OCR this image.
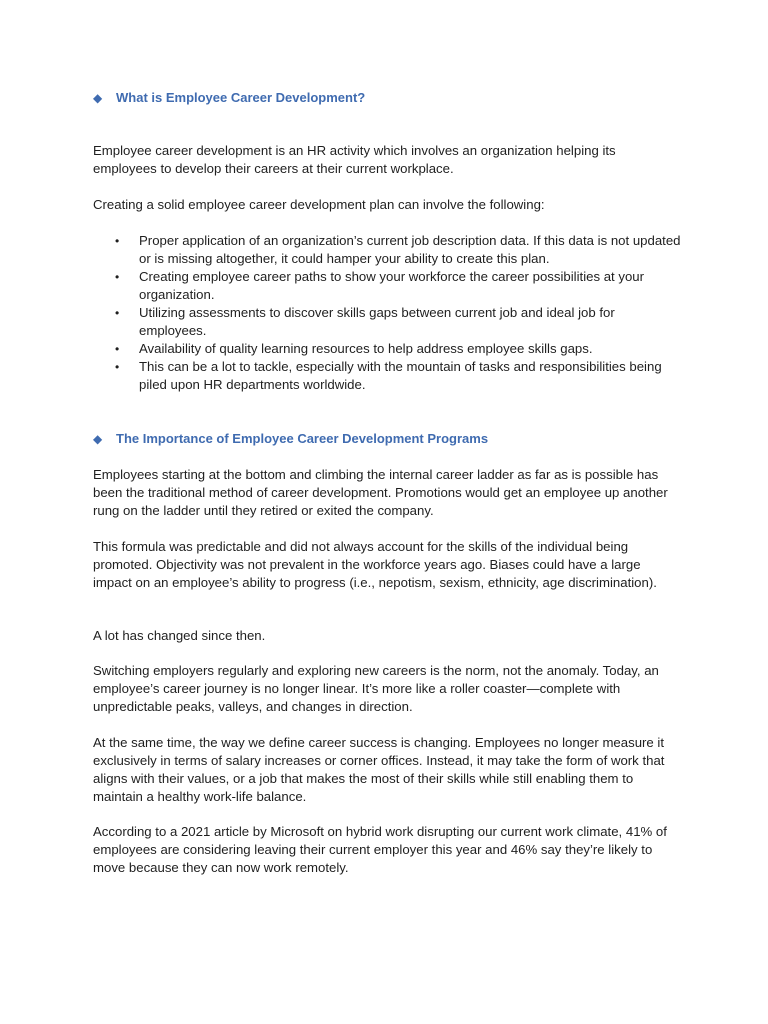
◆ What is Employee Career Development?

Employee career development is an HR activity which involves an organization helping its employees to develop their careers at their current workplace.

Creating a solid employee career development plan can involve the following:

• Proper application of an organization’s current job description data. If this data is not updated or is missing altogether, it could hamper your ability to create this plan.
• Creating employee career paths to show your workforce the career possibilities at your organization.
• Utilizing assessments to discover skills gaps between current job and ideal job for employees.
• Availability of quality learning resources to help address employee skills gaps.
• This can be a lot to tackle, especially with the mountain of tasks and responsibilities being piled upon HR departments worldwide.
◆ The Importance of Employee Career Development Programs

Employees starting at the bottom and climbing the internal career ladder as far as is possible has been the traditional method of career development. Promotions would get an employee up another rung on the ladder until they retired or exited the company.

This formula was predictable and did not always account for the skills of the individual being promoted. Objectivity was not prevalent in the workforce years ago. Biases could have a large impact on an employee’s ability to progress (i.e., nepotism, sexism, ethnicity, age discrimination).

A lot has changed since then.

Switching employers regularly and exploring new careers is the norm, not the anomaly. Today, an employee’s career journey is no longer linear. It’s more like a roller coaster—complete with unpredictable peaks, valleys, and changes in direction.

At the same time, the way we define career success is changing. Employees no longer measure it exclusively in terms of salary increases or corner offices. Instead, it may take the form of work that aligns with their values, or a job that makes the most of their skills while still enabling them to maintain a healthy work-life balance.

According to a 2021 article by Microsoft on hybrid work disrupting our current work climate, 41% of employees are considering leaving their current employer this year and 46% say they’re likely to move because they can now work remotely.
